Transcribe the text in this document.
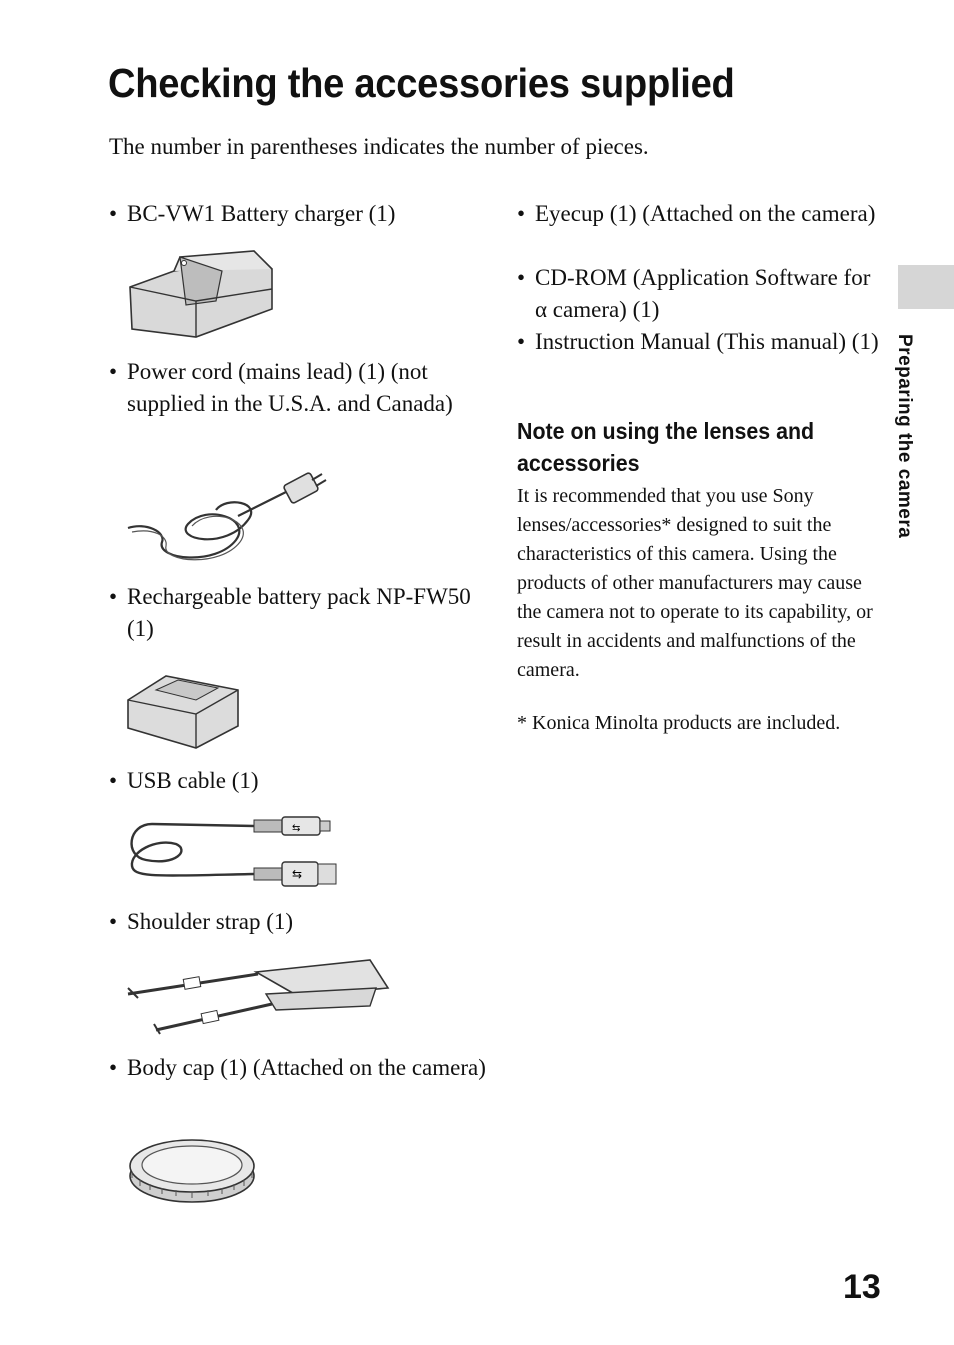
Checking the accessories supplied

The number in parentheses indicates the number of pieces.

• BC-VW1 Battery charger (1)
• Power cord (mains lead) (1) (not supplied in the U.S.A. and Canada)
• Rechargeable battery pack NP-FW50 (1)
• USB cable (1)
⇆
⇆
• Shoulder strap (1)
• Body cap (1) (Attached on the camera)
• Eyecup (1) (Attached on the camera)
• CD-ROM (Application Software for α camera) (1)
• Instruction Manual (This manual) (1)
Note on using the lenses and accessories

It is recommended that you use Sony lenses/accessories* designed to suit the characteristics of this camera. Using the products of other manufacturers may cause the camera not to operate to its capability, or result in accidents and malfunctions of the camera.

* Konica Minolta products are included.

Preparing the camera
13
